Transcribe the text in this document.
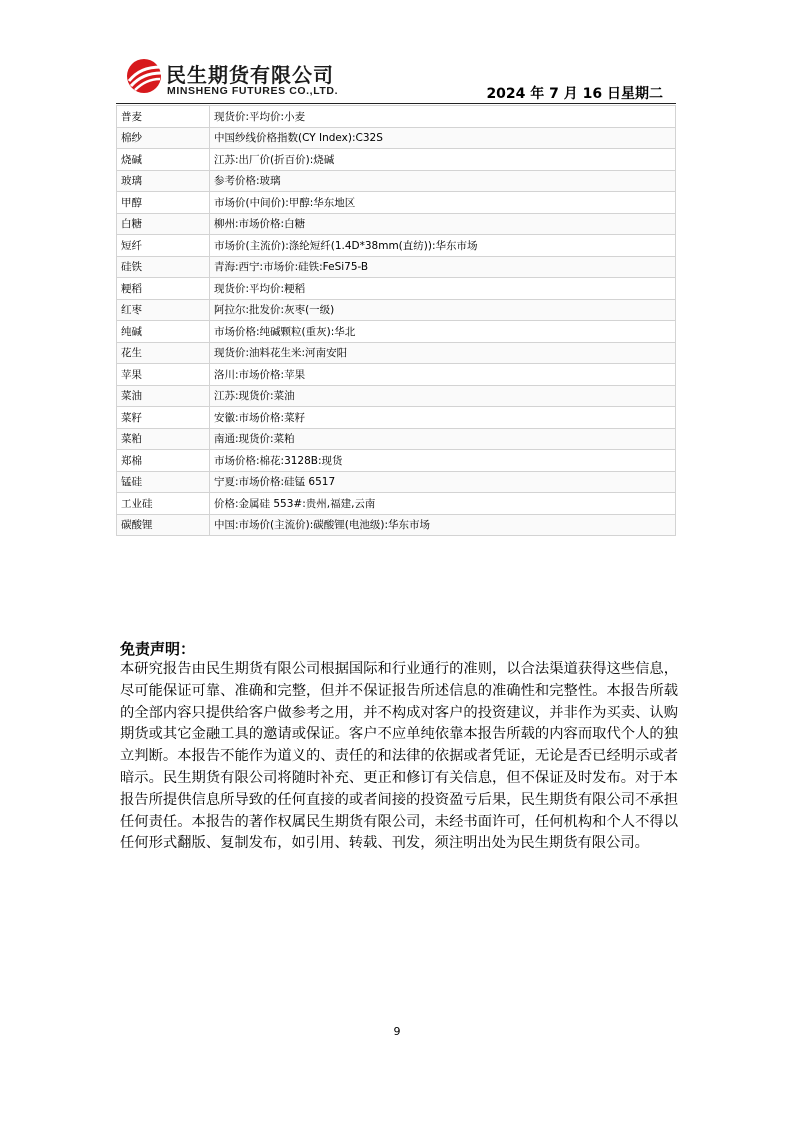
民生期货有限公司
MINSHENG FUTURES CO.,LTD.	2024 年 7 月 16 日星期二
普麦	现货价:平均价:小麦
棉纱	中国纱线价格指数(CY Index):C32S
烧碱	江苏:出厂价(折百价):烧碱
玻璃	参考价格:玻璃
甲醇	市场价(中间价):甲醇:华东地区
白糖	柳州:市场价格:白糖
短纤	市场价(主流价):涤纶短纤(1.4D*38mm(直纺)):华东市场
硅铁	青海:西宁:市场价:硅铁:FeSi75-B
粳稻	现货价:平均价:粳稻
红枣	阿拉尔:批发价:灰枣(一级)
纯碱	市场价格:纯碱颗粒(重灰):华北
花生	现货价:油料花生米:河南安阳
苹果	洛川:市场价格:苹果
菜油	江苏:现货价:菜油
菜籽	安徽:市场价格:菜籽
菜粕	南通:现货价:菜粕
郑棉	市场价格:棉花:3128B:现货
锰硅	宁夏:市场价格:硅锰 6517
工业硅	价格:金属硅 553#:贵州,福建,云南
碳酸锂	中国:市场价(主流价):碳酸锂(电池级):华东市场
免责声明：

本研究报告由民生期货有限公司根据国际和行业通行的准则，以合法渠道获得这些信息，尽可能保证可靠、准确和完整，但并不保证报告所述信息的准确性和完整性。本报告所载的全部内容只提供给客户做参考之用，并不构成对客户的投资建议，并非作为买卖、认购期货或其它金融工具的邀请或保证。客户不应单纯依靠本报告所载的内容而取代个人的独立判断。本报告不能作为道义的、责任的和法律的依据或者凭证，无论是否已经明示或者暗示。民生期货有限公司将随时补充、更正和修订有关信息，但不保证及时发布。对于本报告所提供信息所导致的任何直接的或者间接的投资盈亏后果，民生期货有限公司不承担任何责任。本报告的著作权属民生期货有限公司，未经书面许可，任何机构和个人不得以任何形式翻版、复制发布，如引用、转载、刊发，须注明出处为民生期货有限公司。

9
